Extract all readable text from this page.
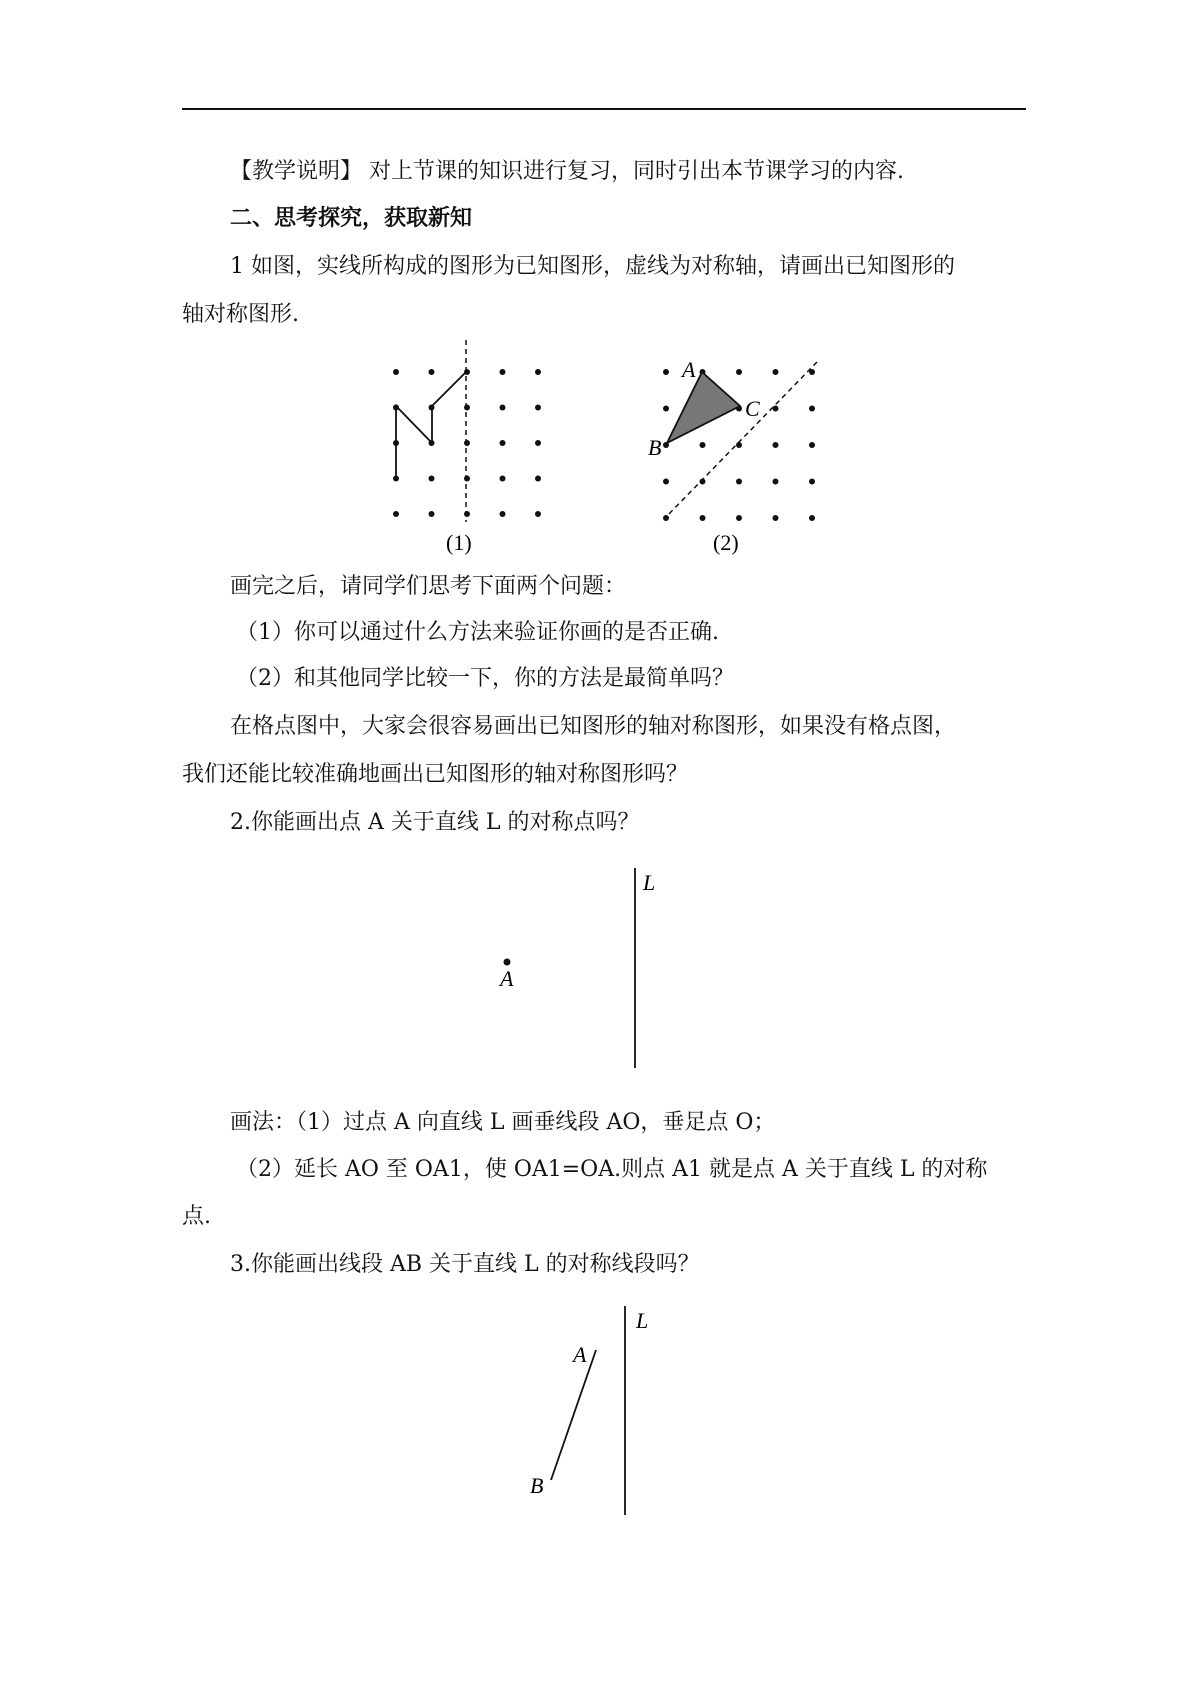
【教学说明】 对上节课的知识进行复习，同时引出本节课学习的内容.
二、思考探究，获取新知
1 如图，实线所构成的图形为已知图形，虚线为对称轴，请画出已知图形的
轴对称图形.
A
C
B
(1)	(2)
画完之后，请同学们思考下面两个问题：
（1）你可以通过什么方法来验证你画的是否正确.
（2）和其他同学比较一下，你的方法是最简单吗？
在格点图中，大家会很容易画出已知图形的轴对称图形，如果没有格点图，
我们还能比较准确地画出已知图形的轴对称图形吗？
2.你能画出点 A 关于直线 L 的对称点吗？
L
A
画法：（1）过点 A 向直线 L 画垂线段 AO，垂足点 O；
（2）延长 AO 至 OA1，使 OA1=OA.则点 A1 就是点 A 关于直线 L 的对称
点.
3.你能画出线段 AB 关于直线 L 的对称线段吗？
L
A
B
